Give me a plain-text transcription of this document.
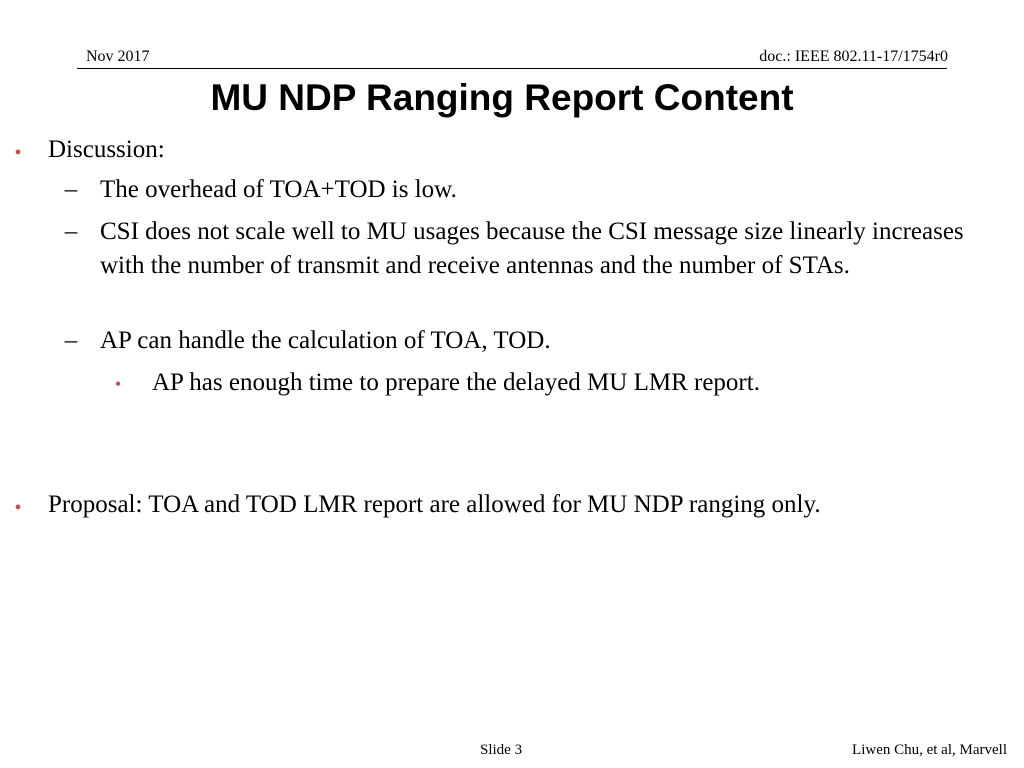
Nov 2017	doc.: IEEE 802.11-17/1754r0
MU NDP Ranging Report Content
• Discussion:
– The overhead of TOA+TOD is low.
– CSI does not scale well to MU usages because the CSI message size linearly increases with the number of transmit and receive antennas and the number of STAs.
– AP can handle the calculation of TOA, TOD.
• AP has enough time to prepare the delayed MU LMR report.
• Proposal: TOA and TOD LMR report are allowed for MU NDP ranging only.
Slide 3	Liwen Chu, et al, Marvell
